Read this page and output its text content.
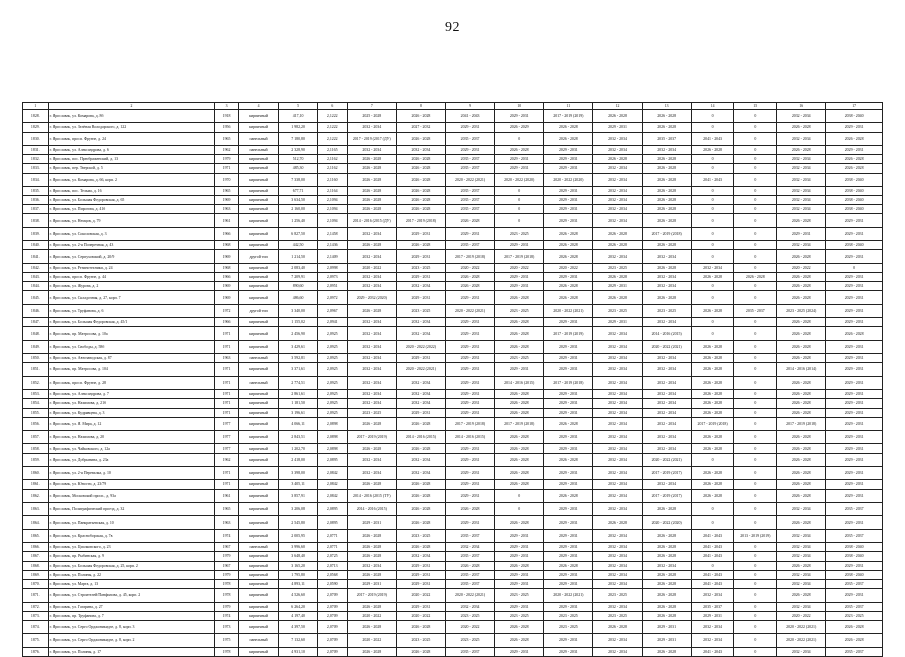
92
1	2	3	4	5	6	7	8	9	10	11	12	13	14	15	16	17
1828.	г. Ярославль, ул. Комарова, д. 8б	1918	кирпичный	417,10	2,1222	2025 - 2028	2026 - 2028	2041 - 2043	2029 - 2031	2017 - 2019 (2019)	2026 - 2028	2026 - 2028	0	0	2032 - 2034	2038 - 2040
1829.	г. Ярославль, ул. Зелёная Володарского, д. 122	1956	кирпичный	1 982,20	2,1222	2032 - 2034	2027 - 2032	2029 - 2031	2026 - 2029	2026 - 2028	2029 - 2031	2026 - 2028	0	0	2026 - 2028	2029 - 2031
1830.	г. Ярославль, просп. Фрунзе, д. 24	1965	панельный	7 180,80	2,1222	2017 - 2019 (2017 (ДУ)	2026 - 2028	2035 - 2037	0	2026 - 2028	2032 - 2034	2035 - 2037	2041 - 2043	0	2032 - 2034	2026 - 2028
1831.	г. Ярославль, ул. Александрова, д. 6	1962	панельный	2 328,90	2,1165	2032 - 2034	2032 - 2034	2029 - 2031	2026 - 2028	2029 - 2031	2032 - 2034	2032 - 2034	2026 - 2028	0	2026 - 2028	2029 - 2031
1832.	г. Ярославль, пос. Преображенский, д. 13	1979	кирпичный	512,70	2,1162	2026 - 2028	2026 - 2028	2035 - 2037	2029 - 2031	2029 - 2031	2026 - 2028	2026 - 2028	0	0	2032 - 2034	2026 - 2028
1833.	г. Ярославль, пер. Тверской, д. 5	1971	кирпичный	485,30	2,1162	2026 - 2028	2026 - 2028	2035 - 2037	2029 - 2031	2029 - 2031	2032 - 2034	2026 - 2028	0	0	2032 - 2034	2026 - 2028
1834.	г. Ярославль, ул. Комарова, д. 66, корп. 2	1970	кирпичный	7 338,00	2,1160	2026 - 2028	2026 - 2028	2020 - 2022 (2021)	2020 - 2022 (2020)	2020 - 2022 (2020)	2032 - 2034	2026 - 2028	2041 - 2043	0	2032 - 2034	2038 - 2040
1835.	г. Ярославль, пос. Тельма, д. 16	1965	кирпичный	677,71	2,1164	2026 - 2028	2026 - 2028	2035 - 2037	0	2029 - 2031	2032 - 2034	2026 - 2028	0	0	2032 - 2034	2038 - 2040
1836.	г. Ярославль, ул. Большая Федоровская, д. 65	1969	кирпичный	3 634,50	2,1094	2026 - 2028	2026 - 2028	2035 - 2037	0	2029 - 2031	2032 - 2034	2026 - 2028	0	0	2032 - 2034	2038 - 2040
1837.	г. Ярославль, ул. Пирогова, д. 41б	1963	кирпичный	2 160,00	2,1094	2026 - 2028	2026 - 2028	2035 - 2037	0	2029 - 2031	2032 - 2034	2026 - 2028	0	0	2032 - 2034	2038 - 2040
1838.	г. Ярославль, ул. Немцов, д. 79	1961	кирпичный	1 256,40	2,1094	2014 - 2016 (2015 (ДУ)	2017 - 2019 (2018)	2026 - 2028	0	2029 - 2031	2032 - 2034	2026 - 2028	0	0	2026 - 2028	2029 - 2031
1839.	г. Ярославль, ул. Соколовская, д. 3	1966	кирпичный	6 827,50	2,1458	2032 - 2034	2029 - 2031	2029 - 2031	2023 - 2025	2026 - 2028	2026 - 2028	2017 - 2019 (2018)	0	0	2029 - 2031	2029 - 2031
1840.	г. Ярославль, ул. 2-я Поперечная, д. 43	1968	кирпичный	442,50	2,1436	2026 - 2028	2026 - 2028	2035 - 2037	2029 - 2031	2026 - 2028	2026 - 2028	2026 - 2028	0	0	2032 - 2034	2038 - 2040
1841.	г. Ярославль, ул. Серпуховский, д. 20/9	1969	другой тип	1 214,50	2,1409	2032 - 2034	2029 - 2031	2017 - 2019 (2018)	2017 - 2019 (2018)	2026 - 2028	2032 - 2034	2032 - 2034	0	0	2026 - 2028	2029 - 2031
1842.	г. Ярославль, ул. Резинотехники, д. 24	1968	кирпичный	2 083,40	2,0998	2020 - 2022	2023 - 2025	2020 - 2022	2020 - 2022	2020 - 2022	2023 - 2025	2026 - 2028	2032 - 2034	0	2020 - 2022	0
1843.	г. Ярославль, просп. Фрунзе, д. 44	1966	кирпичный	7 209,91	2,0973	2032 - 2034	2029 - 2031	2026 - 2028	2029 - 2031	2029 - 2031	2026 - 2028	2032 - 2034	2026 - 2028	2026 - 2028	2026 - 2028	2029 - 2031
1844.	г. Ярославль, ул. Журова, д. 2	1969	кирпичный	890,60	2,0951	2032 - 2034	2032 - 2034	2026 - 2028	2029 - 2031	2026 - 2028	2029 - 2031	2032 - 2034	0	0	2026 - 2028	2029 - 2031
1845.	г. Ярославль, ул. Складочная, д. 27, корп. 7	1969	кирпичный	486,60	2,0972	2029 - 2032 (2020)	2029 - 2031	2029 - 2031	2026 - 2028	2026 - 2028	2026 - 2028	2026 - 2028	0	0	2026 - 2028	2029 - 2031
1846.	г. Ярославль, ул. Труфанова, д. 6	1972	другой тип	3 340,00	2,0967	2026 - 2028	2023 - 2025	2020 - 2022 (2021)	2023 - 2025	2020 - 2022 (2021)	2023 - 2025	2023 - 2025	2026 - 2028	2035 - 2037	2023 - 2025 (2024)	2029 - 2031
1847.	г. Ярославль, ул. Большая Федоровская, д. 45/1	1966	кирпичный	1 155,02	2,0941	2032 - 2034	2032 - 2034	2029 - 2031	2026 - 2028	2029 - 2031	2029 - 2031	2032 - 2034	0	0	2026 - 2028	2029 - 2031
1848.	г. Ярославль, пр. Матросова, д. 10а	1971	кирпичный	2 456,90	2,0925	2032 - 2034	2032 - 2034	2029 - 2031	2026 - 2028	2017 - 2019 (2019)	2032 - 2034	2014 - 2016 (2015)	0	0	2026 - 2028	2026 - 2028
1849.	г. Ярославль, ул. Свободы, д. 58б	1971	кирпичный	3 429,61	2,0925	2032 - 2034	2020 - 2022 (2022)	2029 - 2031	2026 - 2028	2029 - 2031	2032 - 2034	2020 - 2022 (2021)	2026 - 2028	0	2026 - 2028	2029 - 2031
1850.	г. Ярославль, ул. Автозаводская, д. 87	1963	панельный	3 592,81	2,0925	2032 - 2034	2029 - 2031	2029 - 2031	2023 - 2025	2029 - 2031	2032 - 2034	2032 - 2034	2026 - 2028	0	2026 - 2028	2029 - 2031
1851.	г. Ярославль, пр. Матросова, д. 104	1971	кирпичный	3 371,61	2,0925	2032 - 2034	2020 - 2022 (2021)	2029 - 2031	2029 - 2031	2029 - 2031	2032 - 2034	2032 - 2034	2026 - 2028	0	2014 - 2016 (2014)	2029 - 2031
1852.	г. Ярославль, просп. Фрунзе, д. 28	1971	панельный	2 774,51	2,0925	2032 - 2034	2032 - 2034	2029 - 2031	2014 - 2016 (2015)	2017 - 2019 (2018)	2032 - 2034	2032 - 2034	2026 - 2028	0	2026 - 2028	2029 - 2031
1853.	г. Ярославль, ул. Александрова, д. 7	1971	кирпичный	2 861,61	2,0925	2032 - 2034	2032 - 2034	2029 - 2031	2026 - 2028	2029 - 2031	2032 - 2034	2032 - 2034	2026 - 2028	0	2026 - 2028	2029 - 2031
1854.	г. Ярославль, ул. Нахимова, д. 21б	1971	кирпичный	1 181,50	2,0925	2032 - 2034	2032 - 2034	2029 - 2031	2026 - 2028	2029 - 2031	2032 - 2034	2032 - 2034	2026 - 2028	0	2026 - 2028	2029 - 2031
1855.	г. Ярославль, ул. Кудрявцева, д. 3	1971	кирпичный	3 196,61	2,0925	2023 - 2025	2029 - 2031	2029 - 2031	2026 - 2028	2029 - 2031	2032 - 2034	2032 - 2034	2026 - 2028	0	2026 - 2028	2029 - 2031
1856.	г. Ярославль, ул. Я. Мира, д. 12	1977	кирпичный	4 066,11	2,0898	2026 - 2028	2026 - 2028	2017 - 2019 (2018)	2017 - 2019 (2018)	2026 - 2028	2032 - 2034	2032 - 2034	2017 - 2019 (2018)	0	2017 - 2019 (2018)	2029 - 2031
1857.	г. Ярославль, ул. Нахимова, д. 20	1977	кирпичный	2 843,51	2,0898	2017 - 2019 (2019)	2014 - 2016 (2015)	2014 - 2016 (2015)	2026 - 2028	2029 - 2031	2032 - 2034	2032 - 2034	2026 - 2028	0	2026 - 2028	2029 - 2031
1858.	г. Ярославль, ул. Чайковского, д. 12а	1977	кирпичный	1 202,70	2,0898	2026 - 2028	2026 - 2028	2029 - 2031	2026 - 2028	2029 - 2031	2032 - 2034	2032 - 2034	2026 - 2028	0	2026 - 2028	2029 - 2031
1859.	г. Ярославль, ул. Добрынина, д. 23а	1962	кирпичный	2 418,00	2,0895	2032 - 2034	2032 - 2034	2029 - 2031	2026 - 2028	2026 - 2028	2032 - 2034	2020 - 2022 (2021)	0	0	2026 - 2028	2029 - 2031
1860.	г. Ярославль, ул. 2-я Перевалка, д. 10	1971	кирпичный	3 398,00	2,0842	2032 - 2034	2032 - 2034	2029 - 2031	2026 - 2028	2029 - 2031	2032 - 2034	2017 - 2019 (2017)	2026 - 2028	0	2026 - 2028	2029 - 2031
1861.	г. Ярославль, ул. Юности, д. 23/79	1971	кирпичный	3 405,11	2,0842	2026 - 2028	2026 - 2028	2029 - 2031	2026 - 2028	2029 - 2031	2032 - 2034	2032 - 2034	2026 - 2028	0	2026 - 2028	2029 - 2031
1862.	г. Ярославль, Московский просп., д. 93а	1961	кирпичный	3 857,91	2,0842	2014 - 2016 (2015 (ТУ)	2026 - 2028	2029 - 2031	0	2026 - 2028	2032 - 2034	2017 - 2019 (2017)	2026 - 2028	0	2026 - 2028	2029 - 2031
1863.	г. Ярославль, Полиграфический проезд, д. 32	1965	кирпичный	3 206,08	2,0895	2014 - 2016 (2015)	2026 - 2028	2026 - 2028	0	2029 - 2031	2032 - 2034	2026 - 2028	0	0	2032 - 2034	2035 - 2037
1864.	г. Ярославль, ул. Панкратьевская, д. 10	1963	кирпичный	2 545,80	2,0895	2029 - 2031	2026 - 2028	2029 - 2031	2026 - 2028	2029 - 2031	2026 - 2028	2020 - 2022 (2020)	0	0	2026 - 2028	2029 - 2031
1865.	г. Ярославль, ул. Красноборская, д. 7в	1974	кирпичный	2 005,95	2,0771	2026 - 2028	2023 - 2025	2035 - 2037	2029 - 2031	2029 - 2031	2032 - 2034	2026 - 2028	2041 - 2043	2013 - 2019 (2019)	2032 - 2034	2035 - 2037
1866.	г. Ярославль, ул. Циолковского, д. 23	1967	панельный	3 996,60	2,0771	2026 - 2028	2026 - 2028	2032 - 2034	2029 - 2031	2029 - 2031	2032 - 2034	2026 - 2028	2041 - 2043	0	2032 - 2034	2038 - 2040
1867.	г. Ярославль, пр. Рыбинская, д. 9	1979	кирпичный	3 648,40	2,0725	2026 - 2028	2032 - 2034	2035 - 2037	2029 - 2031	2029 - 2031	2032 - 2034	2026 - 2028	2041 - 2043	0	2032 - 2034	2038 - 2040
1868.	г. Ярославль, ул. Большая Федоровская, д. 25, корп. 2	1967	кирпичный	3 165,20	2,0713	2032 - 2034	2029 - 2031	2026 - 2028	2026 - 2028	2026 - 2028	2032 - 2034	2032 - 2034	0	0	2026 - 2028	2029 - 2031
1869.	г. Ярославль, ул. Полины, д. 22	1979	кирпичный	1 795,80	2,0568	2026 - 2028	2029 - 2031	2035 - 2037	2029 - 2031	2029 - 2031	2032 - 2034	2026 - 2028	2041 - 2043	0	2032 - 2034	2038 - 2040
1870.	г. Ярославль, ул. Марта, д. 13	1978	кирпичный	4 893,11	2,0590	2029 - 2031	2029 - 2031	2035 - 2037	2029 - 2031	2029 - 2031	2032 - 2034	2026 - 2028	2041 - 2043	0	2032 - 2034	2035 - 2037
1871.	г. Ярославль, ул. Строителей/Панфилова, д. 45, корп. 2	1978	кирпичный	4 526,60	2,0709	2017 - 2019 (2019)	2020 - 2022	2020 - 2022 (2021)	2023 - 2025	2020 - 2022 (2021)	2023 - 2025	2026 - 2028	2032 - 2034	0	2026 - 2028	2029 - 2031
1872.	г. Ярославль, ул. Гагарина, д. 27	1979	кирпичный	6 264,20	2,0709	2026 - 2028	2029 - 2031	2032 - 2034	2029 - 2031	2029 - 2031	2032 - 2034	2026 - 2028	2035 - 2037	0	2032 - 2034	2035 - 2037
1873.	г. Ярославль, пр. Труфанова, д. 7	1974	кирпичный	4 197,40	2,0709	2020 - 2022	2020 - 2022	2023 - 2025	2023 - 2025	2023 - 2025	2023 - 2025	2026 - 2028	2029 - 2031	0	2020 - 2022	2023 - 2025
1874.	г. Ярославль, ул. Серго Орджоникидзе, д. 8, корп. 3	1973	кирпичный	4 397,50	2,0709	2026 - 2028	2026 - 2028	2020 - 2022	2026 - 2028	2023 - 2025	2026 - 2028	2029 - 2031	2032 - 2034	0	2020 - 2022 (2021)	2026 - 2028
1875.	г. Ярославль, ул. Серго Орджоникидзе, д. 8, корп. 2	1975	панельный	7 132,60	2,0709	2020 - 2022	2023 - 2025	2023 - 2025	2026 - 2028	2029 - 2031	2032 - 2034	2029 - 2031	2032 - 2034	0	2020 - 2022 (2021)	2026 - 2028
1876.	г. Ярославль, ул. Полины, д. 17	1978	кирпичный	4 931,10	2,0709	2026 - 2028	2026 - 2028	2035 - 2037	2029 - 2031	2029 - 2031	2032 - 2034	2026 - 2028	2041 - 2043	0	2032 - 2034	2035 - 2037
